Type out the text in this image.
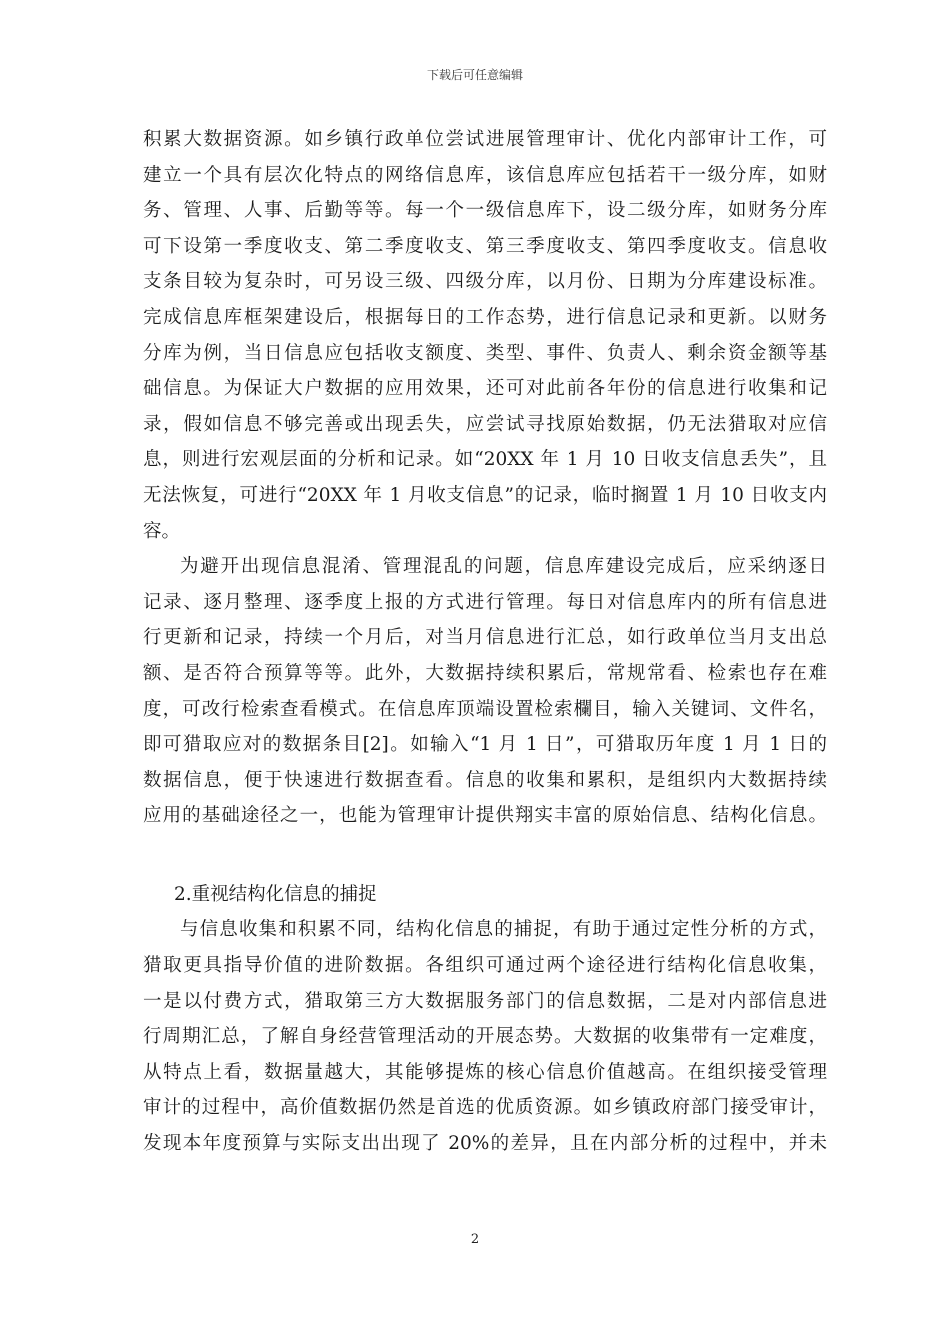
下载后可任意编辑
积累大数据资源。如乡镇行政单位尝试进展管理审计、优化内部审计工作，可
建立一个具有层次化特点的网络信息库，该信息库应包括若干一级分库，如财
务、管理、人事、后勤等等。每一个一级信息库下，设二级分库，如财务分库
可下设第一季度收支、第二季度收支、第三季度收支、第四季度收支。信息收
支条目较为复杂时，可另设三级、四级分库，以月份、日期为分库建设标准。
完成信息库框架建设后，根据每日的工作态势，进行信息记录和更新。以财务
分库为例，当日信息应包括收支额度、类型、事件、负责人、剩余资金额等基
础信息。为保证大户数据的应用效果，还可对此前各年份的信息进行收集和记
录，假如信息不够完善或出现丢失，应尝试寻找原始数据，仍无法猎取对应信
息，则进行宏观层面的分析和记录。如“20XX 年 1 月 10 日收支信息丢失”，且
无法恢复，可进行“20XX 年 1 月收支信息”的记录，临时搁置 1 月 10 日收支内
容。
为避开出现信息混淆、管理混乱的问题，信息库建设完成后，应采纳逐日
记录、逐月整理、逐季度上报的方式进行管理。每日对信息库内的所有信息进
行更新和记录，持续一个月后，对当月信息进行汇总，如行政单位当月支出总
额、是否符合预算等等。此外，大数据持续积累后，常规常看、检索也存在难
度，可改行检索查看模式。在信息库顶端设置检索欄目，输入关键词、文件名，
即可猎取应对的数据条目[2]。如输入“1 月 1 日”，可猎取历年度 1 月 1 日的
数据信息，便于快速进行数据查看。信息的收集和累积，是组织内大数据持续
应用的基础途径之一，也能为管理审计提供翔实丰富的原始信息、结构化信息。
2.重视结构化信息的捕捉
与信息收集和积累不同，结构化信息的捕捉，有助于通过定性分析的方式，
猎取更具指导价值的进阶数据。各组织可通过两个途径进行结构化信息收集，
一是以付费方式，猎取第三方大数据服务部门的信息数据，二是对内部信息进
行周期汇总，了解自身经营管理活动的开展态势。大数据的收集带有一定难度，
从特点上看，数据量越大，其能够提炼的核心信息价值越高。在组织接受管理
审计的过程中，高价值数据仍然是首选的优质资源。如乡镇政府部门接受审计，
发现本年度预算与实际支出出现了 20%的差异，且在内部分析的过程中，并未
2
